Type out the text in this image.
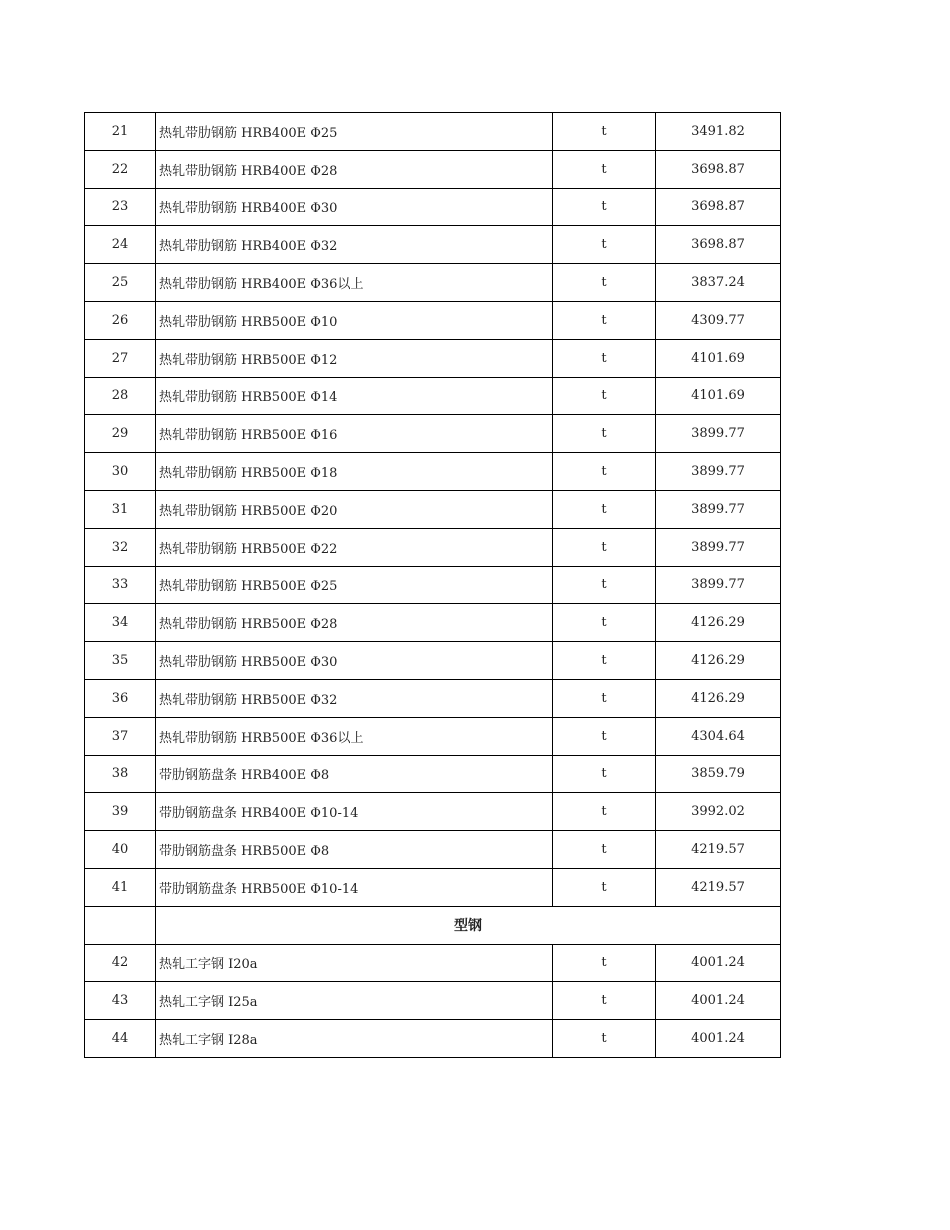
21	热轧带肋钢筋 HRB400E Φ25	t	3491.82
22	热轧带肋钢筋 HRB400E Φ28	t	3698.87
23	热轧带肋钢筋 HRB400E Φ30	t	3698.87
24	热轧带肋钢筋 HRB400E Φ32	t	3698.87
25	热轧带肋钢筋 HRB400E Φ36以上	t	3837.24
26	热轧带肋钢筋 HRB500E Φ10	t	4309.77
27	热轧带肋钢筋 HRB500E Φ12	t	4101.69
28	热轧带肋钢筋 HRB500E Φ14	t	4101.69
29	热轧带肋钢筋 HRB500E Φ16	t	3899.77
30	热轧带肋钢筋 HRB500E Φ18	t	3899.77
31	热轧带肋钢筋 HRB500E Φ20	t	3899.77
32	热轧带肋钢筋 HRB500E Φ22	t	3899.77
33	热轧带肋钢筋 HRB500E Φ25	t	3899.77
34	热轧带肋钢筋 HRB500E Φ28	t	4126.29
35	热轧带肋钢筋 HRB500E Φ30	t	4126.29
36	热轧带肋钢筋 HRB500E Φ32	t	4126.29
37	热轧带肋钢筋 HRB500E Φ36以上	t	4304.64
38	带肋钢筋盘条 HRB400E Φ8	t	3859.79
39	带肋钢筋盘条 HRB400E Φ10-14	t	3992.02
40	带肋钢筋盘条 HRB500E Φ8	t	4219.57
41	带肋钢筋盘条 HRB500E Φ10-14	t	4219.57
	型钢		
42	热轧工字钢 I20a	t	4001.24
43	热轧工字钢 I25a	t	4001.24
44	热轧工字钢 I28a	t	4001.24
